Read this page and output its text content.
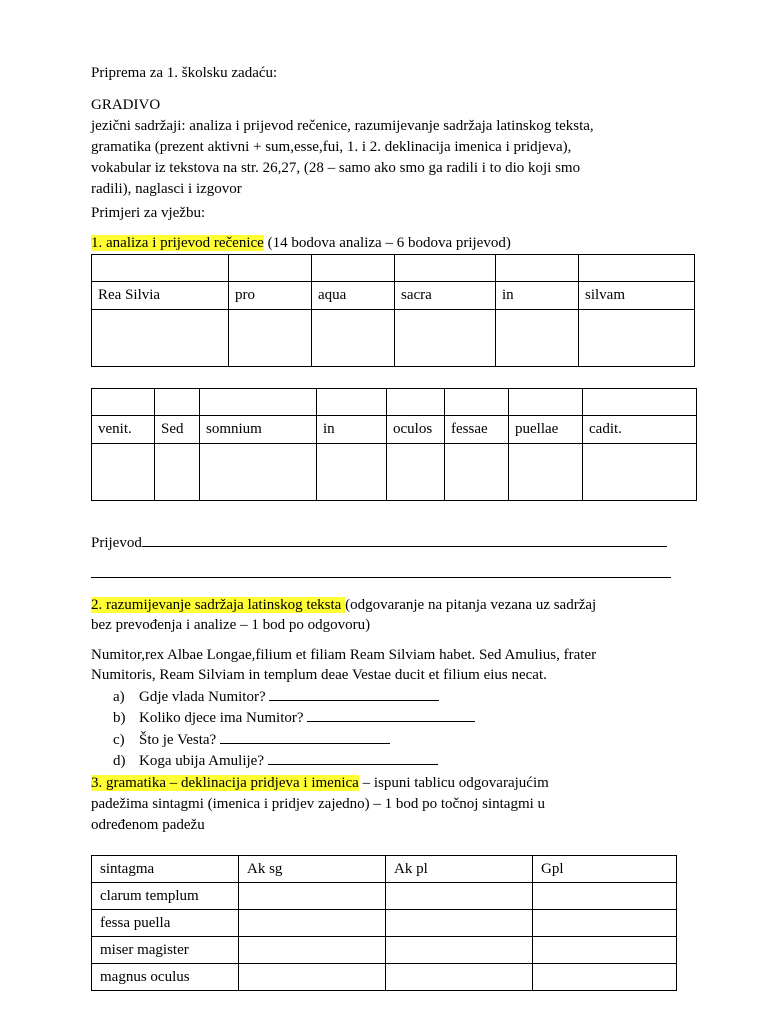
Priprema za 1. školsku zadaću:
GRADIVO
jezični sadržaji: analiza i prijevod rečenice, razumijevanje sadržaja latinskog teksta,
gramatika (prezent aktivni + sum,esse,fui, 1. i 2. deklinacija imenica i pridjeva),
vokabular iz tekstova na str. 26,27, (28 – samo ako smo ga radili i to dio koji smo
radili), naglasci i izgovor
Primjeri za vježbu:
1. analiza i prijevod rečenice (14 bodova analiza – 6 bodova prijevod)

Rea Silvia	pro	aqua	sacra	in	silvam

venit.	Sed	somnium	in	oculos	fessae	puellae	cadit.

Prijevod
2. razumijevanje sadržaja latinskog teksta (odgovaranje na pitanja vezana uz sadržaj
bez prevođenja i analize – 1 bod po odgovoru)
Numitor,rex Albae Longae,filium et filiam Ream Silviam habet. Sed Amulius, frater
Numitoris, Ream Silviam in templum deae Vestae ducit et filium eius necat.
a) Gdje vlada Numitor?
b) Koliko djece ima Numitor?
c) Što je Vesta?
d) Koga ubija Amulije?
3. gramatika – deklinacija pridjeva i imenica – ispuni tablicu odgovarajućim
padežima sintagmi (imenica i pridjev zajedno) – 1 bod po točnoj sintagmi u
određenom padežu
sintagma	Ak sg	Ak pl	Gpl
clarum templum			
fessa puella			
miser magister			
magnus oculus			
